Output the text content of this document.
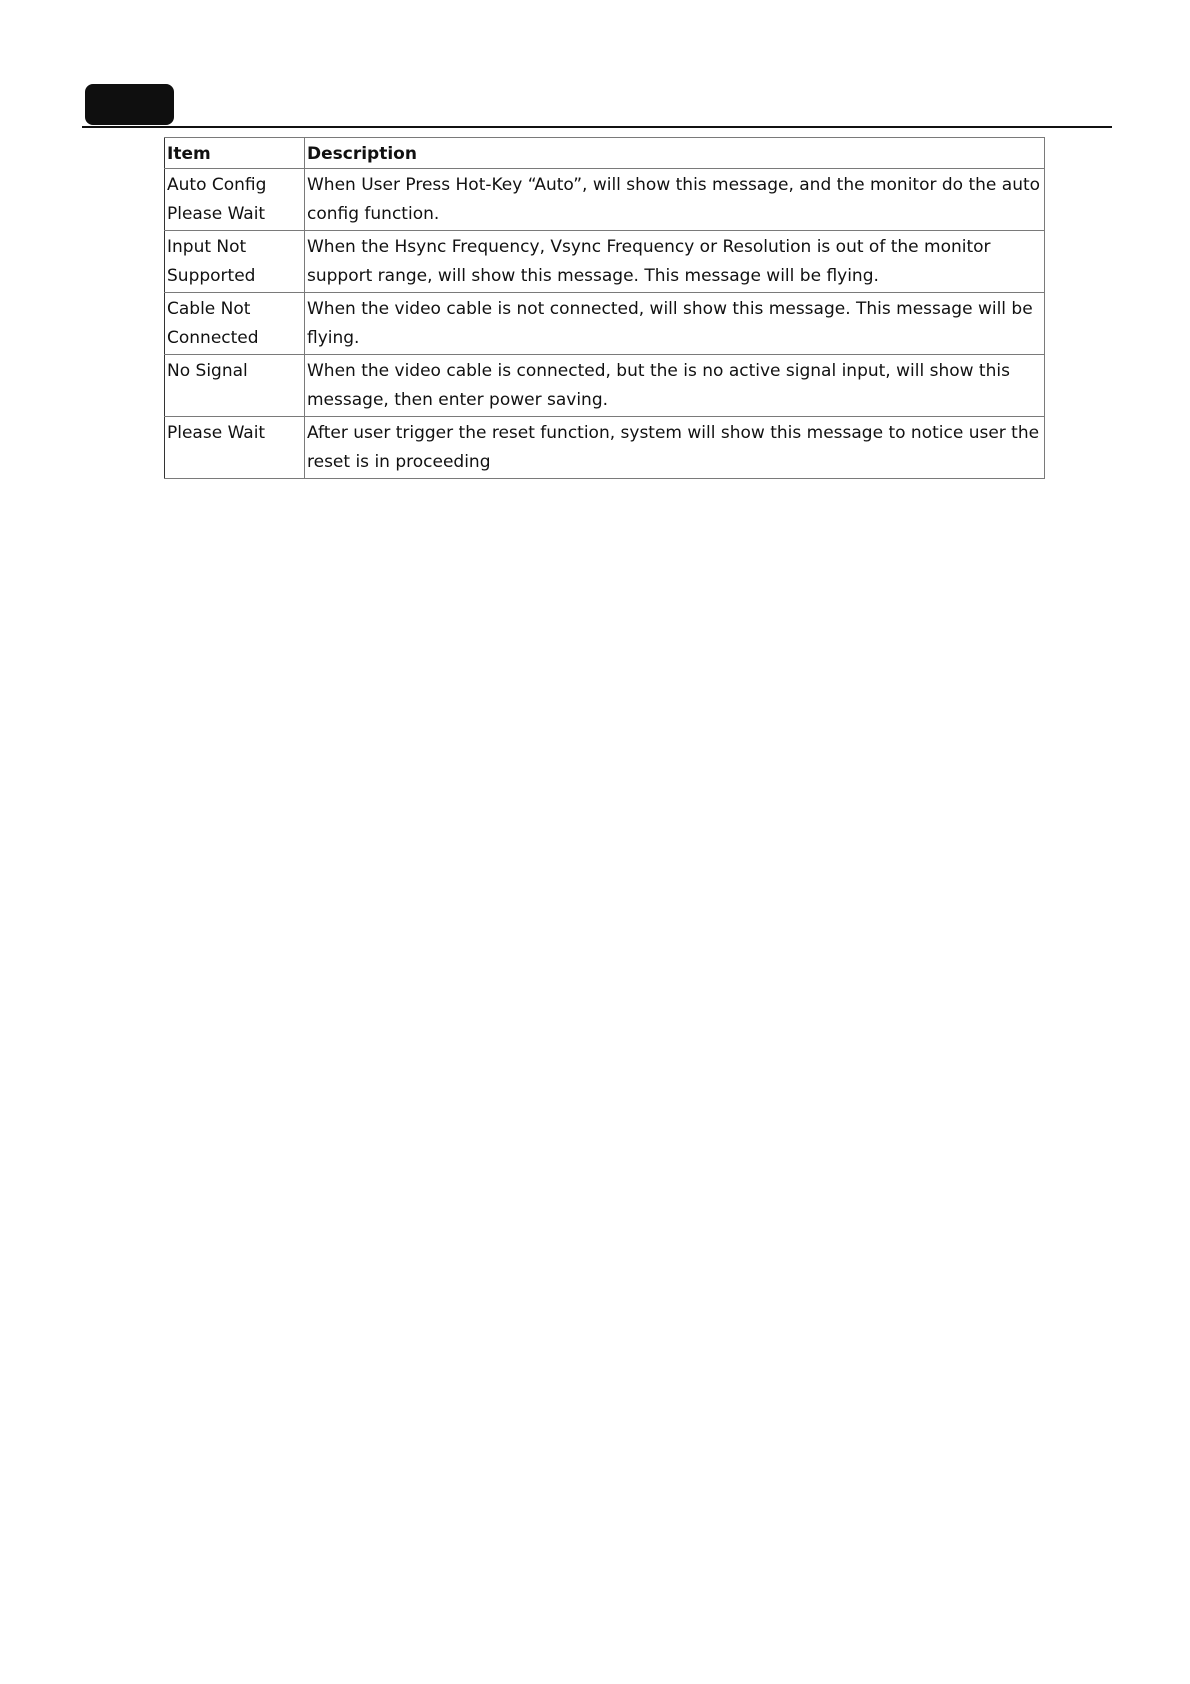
Item	Description
Auto Config Please Wait	When User Press Hot-Key “Auto”, will show this message, and the monitor do the auto config function.
Input Not Supported	When the Hsync Frequency, Vsync Frequency or Resolution is out of the monitor support range, will show this message. This message will be flying.
Cable Not Connected	When the video cable is not connected, will show this message. This message will be flying.
No Signal	When the video cable is connected, but the is no active signal input, will show this message, then enter power saving.
Please Wait	After user trigger the reset function, system will show this message to notice user the reset is in proceeding
